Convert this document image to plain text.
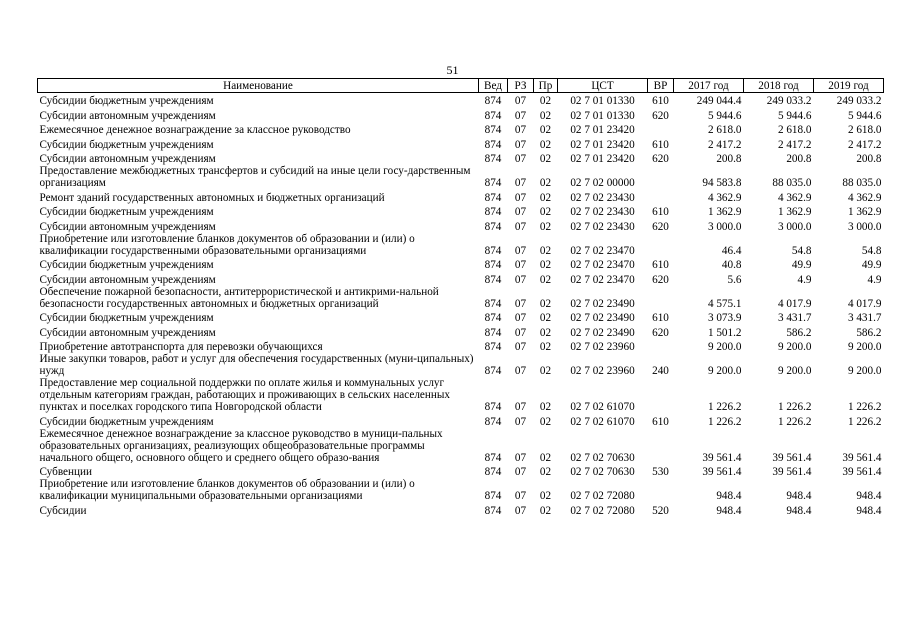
51
Наименование	Вед	РЗ	Пр	ЦСТ	ВР	2017 год	2018 год	2019 год
Субсидии бюджетным учреждениям	874	07	02	02 7 01 01330	610	249 044.4	249 033.2	249 033.2
Субсидии автономным учреждениям	874	07	02	02 7 01 01330	620	5 944.6	5 944.6	5 944.6
Ежемесячное денежное вознаграждение за классное руководство	874	07	02	02 7 01 23420		2 618.0	2 618.0	2 618.0
Субсидии бюджетным учреждениям	874	07	02	02 7 01 23420	610	2 417.2	2 417.2	2 417.2
Субсидии автономным учреждениям	874	07	02	02 7 01 23420	620	200.8	200.8	200.8
Предоставление межбюджетных трансфертов и субсидий на иные цели госу-дарственным организациям	874	07	02	02 7 02 00000		94 583.8	88 035.0	88 035.0
Ремонт зданий государственных автономных и бюджетных организаций	874	07	02	02 7 02 23430		4 362.9	4 362.9	4 362.9
Субсидии бюджетным учреждениям	874	07	02	02 7 02 23430	610	1 362.9	1 362.9	1 362.9
Субсидии автономным учреждениям	874	07	02	02 7 02 23430	620	3 000.0	3 000.0	3 000.0
Приобретение или изготовление бланков документов об образовании и (или) о квалификации государственными образовательными организациями	874	07	02	02 7 02 23470		46.4	54.8	54.8
Субсидии бюджетным учреждениям	874	07	02	02 7 02 23470	610	40.8	49.9	49.9
Субсидии автономным учреждениям	874	07	02	02 7 02 23470	620	5.6	4.9	4.9
Обеспечение пожарной безопасности, антитеррористической и антикрими-нальной безопасности государственных автономных и бюджетных организаций	874	07	02	02 7 02 23490		4 575.1	4 017.9	4 017.9
Субсидии бюджетным учреждениям	874	07	02	02 7 02 23490	610	3 073.9	3 431.7	3 431.7
Субсидии автономным учреждениям	874	07	02	02 7 02 23490	620	1 501.2	586.2	586.2
Приобретение автотранспорта для перевозки обучающихся	874	07	02	02 7 02 23960		9 200.0	9 200.0	9 200.0
Иные закупки товаров, работ и услуг для обеспечения государственных (муни-ципальных) нужд	874	07	02	02 7 02 23960	240	9 200.0	9 200.0	9 200.0
Предоставление мер социальной поддержки по оплате жилья и коммунальных услуг отдельным категориям граждан, работающих и проживающих в сельских населенных пунктах и поселках городского типа Новгородской области	874	07	02	02 7 02 61070		1 226.2	1 226.2	1 226.2
Субсидии бюджетным учреждениям	874	07	02	02 7 02 61070	610	1 226.2	1 226.2	1 226.2
Ежемесячное денежное вознаграждение за классное руководство в муници-пальных образовательных организациях, реализующих общеобразовательные программы начального общего, основного общего и среднего общего образо-вания	874	07	02	02 7 02 70630		39 561.4	39 561.4	39 561.4
Субвенции	874	07	02	02 7 02 70630	530	39 561.4	39 561.4	39 561.4
Приобретение или изготовление бланков документов об образовании и (или) о квалификации муниципальными образовательными организациями	874	07	02	02 7 02 72080		948.4	948.4	948.4
Субсидии	874	07	02	02 7 02 72080	520	948.4	948.4	948.4
